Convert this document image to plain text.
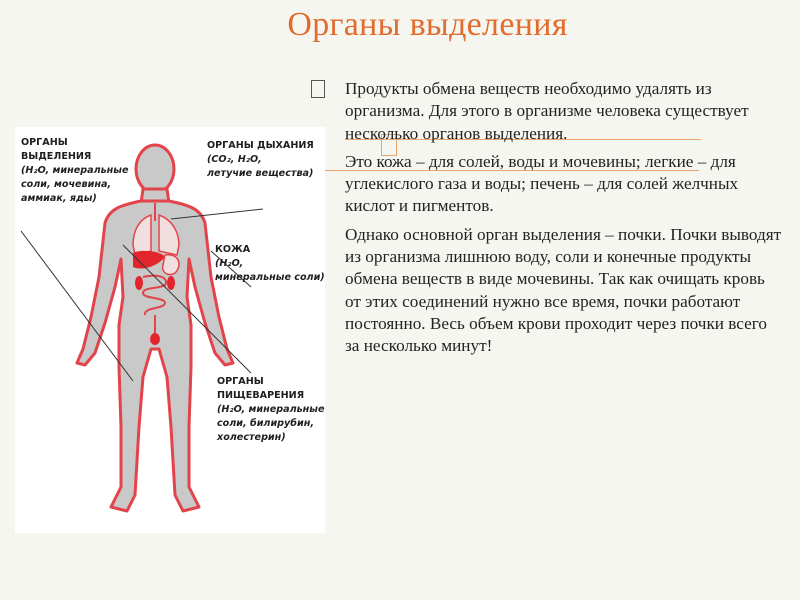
Органы выделения

Продукты обмена веществ необходимо удалять из организма. Для этого в организме человека существует несколько органов выделения.

Это кожа – для солей, воды и мочевины; легкие – для углекислого газа и воды; печень – для солей желчных кислот и пигментов.

Однако основной орган выделения – почки. Почки выводят из организма лишнюю воду, соли и конечные продукты обмена веществ в виде мочевины. Так как очищать кровь от этих соединений нужно все время, почки работают постоянно. Весь объем крови проходит через почки всего за несколько минут!

ОРГАНЫ
ВЫДЕЛЕНИЯ
(H₂O, минеральные
соли, мочевина,
аммиак, яды)
ОРГАНЫ ДЫХАНИЯ
(CO₂, H₂O,
летучие вещества)
КОЖА
(H₂O,
минеральные соли)
ОРГАНЫ
ПИЩЕВАРЕНИЯ
(H₂O, минеральные
соли, билирубин,
холестерин)
